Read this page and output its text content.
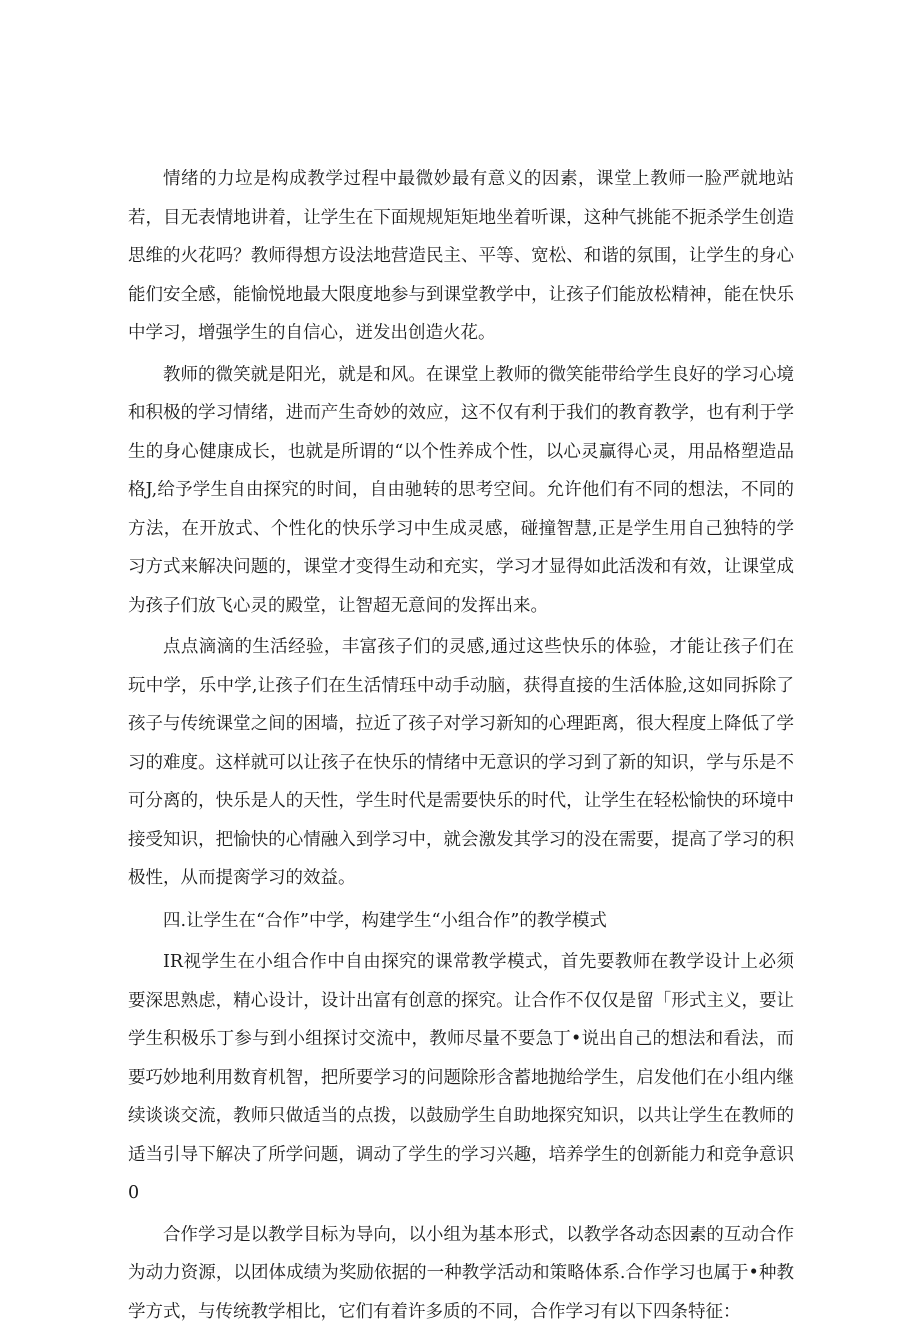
情绪的力垃是构成教学过程中最微妙最有意义的因素，课堂上教师一脸严就地站若，目无表情地讲着，让学生在下面规规矩矩地坐着听课，这种气挑能不扼杀学生创造思维的火花吗？教师得想方设法地营造民主、平等、宽松、和谐的氛围，让学生的身心能们安全感，能愉悦地最大限度地参与到课堂教学中，让孩子们能放松精神，能在快乐中学习，增强学生的自信心，迸发出创造火花。

教师的微笑就是阳光，就是和风。在课堂上教师的微笑能带给学生良好的学习心境和积极的学习情绪，进而产生奇妙的效应，这不仅有利于我们的教育教学，也有利于学生的身心健康成长，也就是所谓的“以个性养成个性，以心灵赢得心灵，用品格塑造品格J,给予学生自由探究的时间，自由驰转的思考空间。允许他们有不同的想法，不同的方法，在开放式、个性化的快乐学习中生成灵感，碰撞智慧,正是学生用自己独特的学习方式来解决问题的，课堂才变得生动和充实，学习才显得如此活泼和有效，让课堂成为孩子们放飞心灵的殿堂，让智超无意间的发挥出来。

点点滴滴的生活经验，丰富孩子们的灵感,通过这些快乐的体验，才能让孩子们在玩中学，乐中学,让孩子们在生活情珏中动手动脑，获得直接的生活体脸,这如同拆除了孩子与传统课堂之间的困墙，拉近了孩子对学习新知的心理距离，很大程度上降低了学习的难度。这样就可以让孩子在快乐的情绪中无意识的学习到了新的知识，学与乐是不可分离的，快乐是人的天性，学生时代是需要快乐的时代，让学生在轻松愉快的环境中接受知识，把愉快的心情融入到学习中，就会激发其学习的没在需要，提高了学习的积极性，从而提脔学习的效益。

四.让学生在“合作”中学，构建学生“小组合作”的教学模式

IR视学生在小组合作中自由探究的课常教学模式，首先要教师在教学设计上必须要深思熟虑，精心设计，设计出富有创意的探究。让合作不仅仅是留「形式主义，要让学生积极乐丁参与到小组探讨交流中，教师尽量不要急丁•说出自己的想法和看法，而要巧妙地利用数育机智，把所要学习的问题除形含蓄地抛给学生，启发他们在小组内继续谈谈交流，教师只做适当的点拨，以鼓励学生自助地探究知识，以共让学生在教师的适当引导下解决了所学问题，调动了学生的学习兴趣，培养学生的创新能力和竞争意识0

合作学习是以教学目标为导向，以小组为基本形式，以教学各动态因素的互动合作为动力资源，以团体成绩为奖励依据的一种教学活动和策略体系.合作学习也属于•种教学方式，与传统教学相比，它们有着许多质的不同，合作学习有以下四条特征：
